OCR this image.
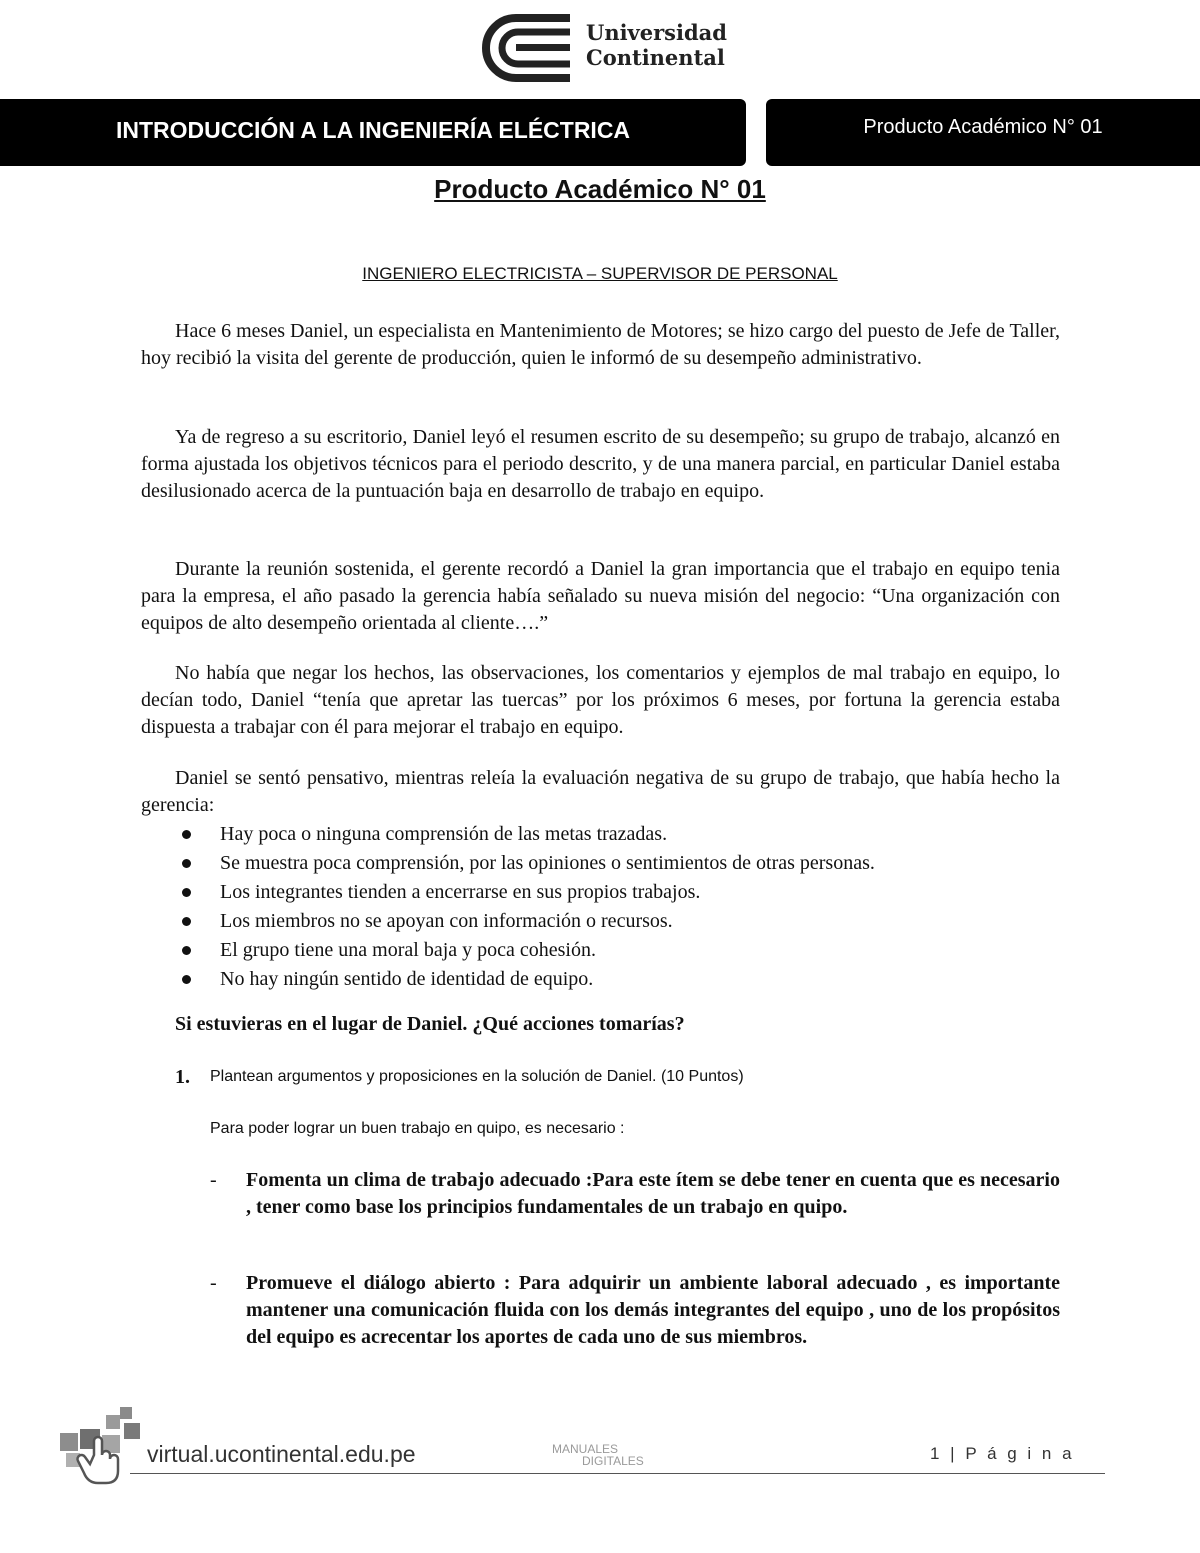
Universidad
Continental
INTRODUCCIÓN A LA INGENIERÍA ELÉCTRICA	Producto Académico N° 01
Producto Académico N° 01
INGENIERO ELECTRICISTA – SUPERVISOR DE PERSONAL
Hace 6 meses Daniel, un especialista en Mantenimiento de Motores; se hizo cargo del puesto de Jefe de Taller, hoy recibió la visita del gerente de producción, quien le informó de su desempeño administrativo.
Ya de regreso a su escritorio, Daniel leyó el resumen escrito de su desempeño; su grupo de trabajo, alcanzó en forma ajustada los objetivos técnicos para el periodo descrito, y de una manera parcial, en particular Daniel estaba desilusionado acerca de la puntuación baja en desarrollo de trabajo en equipo.
Durante la reunión sostenida, el gerente recordó a Daniel la gran importancia que el trabajo en equipo tenia para la empresa, el año pasado la gerencia había señalado su nueva misión del negocio: “Una organización con equipos de alto desempeño orientada al cliente….”
No había que negar los hechos, las observaciones, los comentarios y ejemplos de mal trabajo en equipo, lo decían todo, Daniel “tenía que apretar las tuercas” por los próximos 6 meses, por fortuna la gerencia estaba dispuesta a trabajar con él para mejorar el trabajo en equipo.
Daniel se sentó pensativo, mientras releía la evaluación negativa de su grupo de trabajo, que había hecho la gerencia:
Hay poca o ninguna comprensión de las metas trazadas.
Se muestra poca comprensión, por las opiniones o sentimientos de otras personas.
Los integrantes tienden a encerrarse en sus propios trabajos.
Los miembros no se apoyan con información o recursos.
El grupo tiene una moral baja y poca cohesión.
No hay ningún sentido de identidad de equipo.
Si estuvieras en el lugar de Daniel. ¿Qué acciones tomarías?
1. Plantean argumentos y proposiciones en la solución de Daniel. (10 Puntos)
Para poder lograr un buen trabajo en quipo, es necesario :
- Fomenta un clima de trabajo adecuado :Para este ítem se debe tener en cuenta que es necesario , tener como base los principios fundamentales de un trabajo en quipo.
- Promueve el diálogo abierto : Para adquirir un ambiente laboral adecuado , es importante mantener una comunicación fluida con los demás integrantes del equipo , uno de los propósitos del equipo es acrecentar los aportes de cada uno de sus miembros.
virtual.ucontinental.edu.pe	MANUALES
DIGITALES	1 | P á g i n a
